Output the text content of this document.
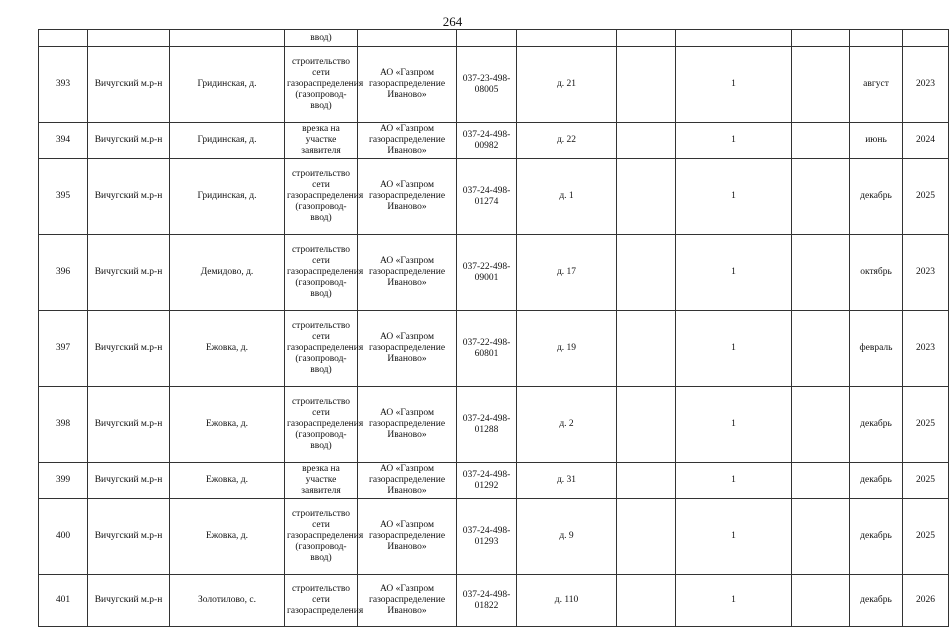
264
			ввод)								
393	Вичугский м.р-н	Гридинская, д.	строительство сети газораспределения (газопровод-ввод)	АО «Газпром газораспределение Иваново»	037-23-498-08005	д. 21		1		август	2023
394	Вичугский м.р-н	Гридинская, д.	врезка на участке заявителя	АО «Газпром газораспределение Иваново»	037-24-498-00982	д. 22		1		июнь	2024
395	Вичугский м.р-н	Гридинская, д.	строительство сети газораспределения (газопровод-ввод)	АО «Газпром газораспределение Иваново»	037-24-498-01274	д. 1		1		декабрь	2025
396	Вичугский м.р-н	Демидово, д.	строительство сети газораспределения (газопровод-ввод)	АО «Газпром газораспределение Иваново»	037-22-498-09001	д. 17		1		октябрь	2023
397	Вичугский м.р-н	Ежовка, д.	строительство сети газораспределения (газопровод-ввод)	АО «Газпром газораспределение Иваново»	037-22-498-60801	д. 19		1		февраль	2023
398	Вичугский м.р-н	Ежовка, д.	строительство сети газораспределения (газопровод-ввод)	АО «Газпром газораспределение Иваново»	037-24-498-01288	д. 2		1		декабрь	2025
399	Вичугский м.р-н	Ежовка, д.	врезка на участке заявителя	АО «Газпром газораспределение Иваново»	037-24-498-01292	д. 31		1		декабрь	2025
400	Вичугский м.р-н	Ежовка, д.	строительство сети газораспределения (газопровод-ввод)	АО «Газпром газораспределение Иваново»	037-24-498-01293	д. 9		1		декабрь	2025
401	Вичугский м.р-н	Золотилово, с.	строительство сети газораспределения	АО «Газпром газораспределение Иваново»	037-24-498-01822	д. 110		1		декабрь	2026
